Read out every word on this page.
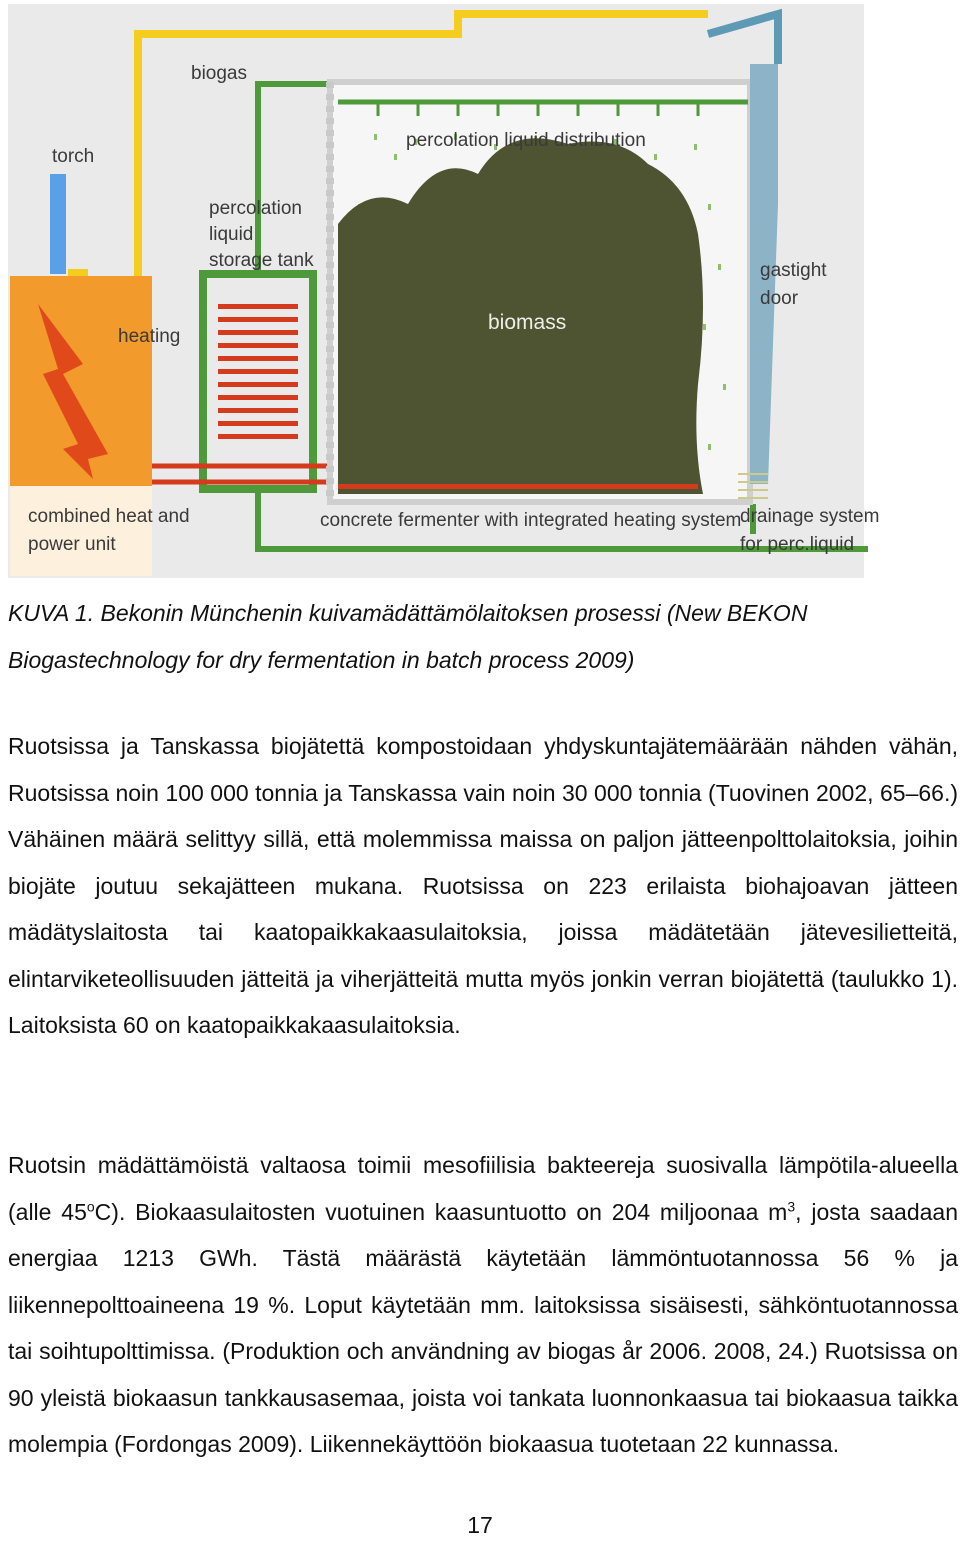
biogas
torch
percolation
liquid
storage tank
heating
percolation liquid distribution
biomass
gastight
door
combined heat and
power unit
concrete fermenter with integrated heating system
drainage system
for perc.liquid

KUVA 1. Bekonin Münchenin kuivamädättämölaitoksen prosessi (New BEKON Biogastechnology for dry fermentation in batch process 2009)

Ruotsissa ja Tanskassa biojätettä kompostoidaan yhdyskuntajätemäärään nähden vähän, Ruotsissa noin 100 000 tonnia ja Tanskassa vain noin 30 000 tonnia (Tuovinen 2002, 65–66.) Vähäinen määrä selittyy sillä, että molemmissa maissa on paljon jätteenpolttolaitoksia, joihin biojäte joutuu sekajätteen mukana. Ruotsissa on 223 erilaista biohajoavan jätteen mädätyslaitosta tai kaatopaikkakaasulaitoksia, joissa mädätetään jätevesilietteitä, elintarviketeollisuuden jätteitä ja viherjätteitä mutta myös jonkin verran biojätettä (taulukko 1). Laitoksista 60 on kaatopaikkakaasulaitoksia.

Ruotsin mädättämöistä valtaosa toimii mesofiilisia bakteereja suosivalla lämpötila-alueella (alle 45$^o$C). Biokaasulaitosten vuotuinen kaasuntuotto on 204 miljoonaa $m^3$, josta saadaan energiaa 1213 GWh. Tästä määrästä käytetään lämmöntuotannossa 56 % ja liikennepolttoaineena 19 %. Loput käytetään mm. laitoksissa sisäisesti, sähköntuotannossa tai soihtupolttimissa. (Produktion och användning av biogas år 2006. 2008, 24.) Ruotsissa on 90 yleistä biokaasun tankkausasemaa, joista voi tankata luonnonkaasua tai biokaasua taikka molempia (Fordongas 2009). Liikennekäyttöön biokaasua tuotetaan 22 kunnassa.

17
